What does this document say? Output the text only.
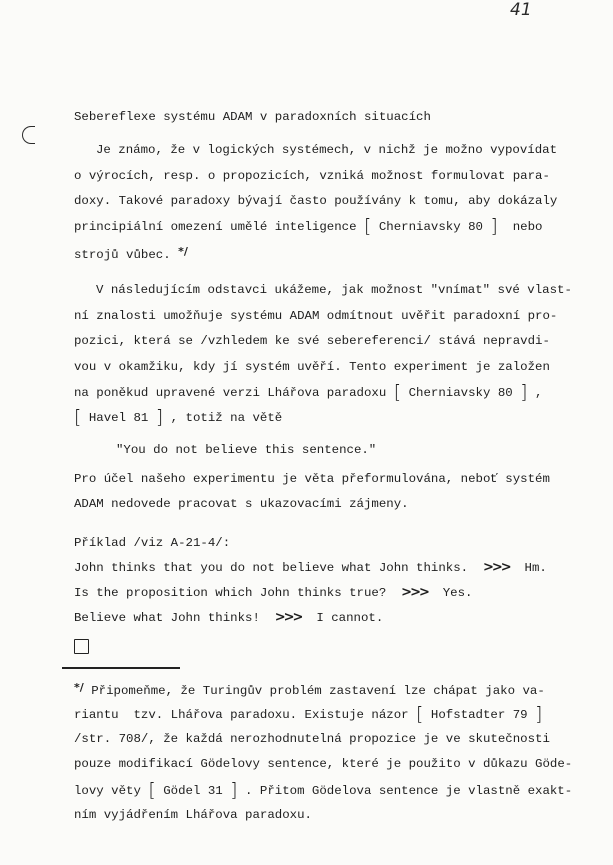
41
Sebereflexe systému ADAM v paradoxních situacích
Je známo, že v logických systémech, v nichž je možno vypovídat
o výrocích, resp. o propozicích, vzniká možnost formulovat para-
doxy. Takové paradoxy bývají často používány k tomu, aby dokázaly
principiální omezení umělé inteligence [ Cherniavsky 80 ] nebo
strojů vůbec. */
V následujícím odstavci ukážeme, jak možnost "vnímat" své vlast-
ní znalosti umožňuje systému ADAM odmítnout uvěřit paradoxní pro-
pozici, která se /vzhledem ke své sebereferenci/ stává nepravdi-
vou v okamžiku, kdy jí systém uvěří. Tento experiment je založen
na poněkud upravené verzi Lhářova paradoxu [ Cherniavsky 80 ] ,
[ Havel 81 ] , totiž na větě
"You do not believe this sentence."
Pro účel našeho experimentu je věta přeformulována, neboť systém
ADAM nedovede pracovat s ukazovacími zájmeny.
Příklad /viz A-21-4/:
John thinks that you do not believe what John thinks. >>> Hm.
Is the proposition which John thinks true? >>> Yes.
Believe what John thinks! >>> I cannot.
*/ Připomeňme, že Turingův problém zastavení lze chápat jako va-
riantu  tzv. Lhářova paradoxu. Existuje názor [ Hofstadter 79 ]
/str. 708/, že každá nerozhodnutelná propozice je ve skutečnosti
pouze modifikací Gödelovy sentence, které je použito v důkazu Göde-
lovy věty [ Gödel 31 ] . Přitom Gödelova sentence je vlastně exakt-
ním vyjádřením Lhářova paradoxu.
